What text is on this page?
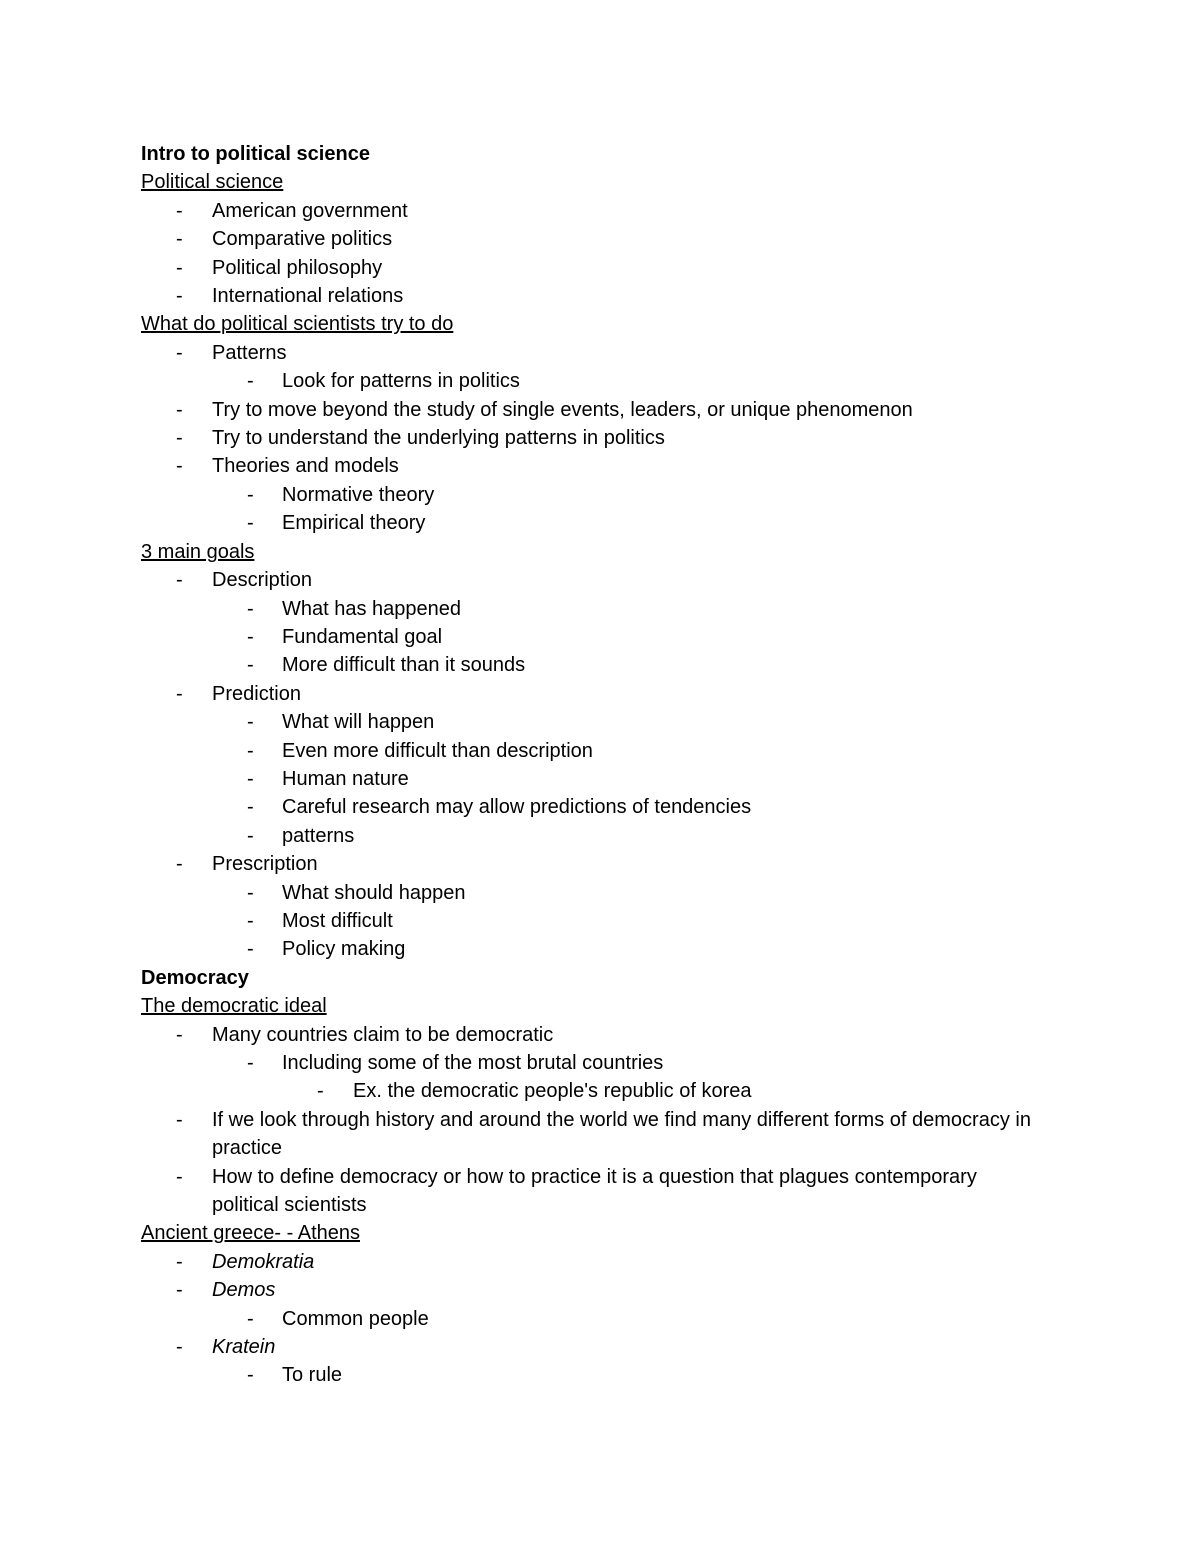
Intro to political science
Political science
- American government
- Comparative politics
- Political philosophy
- International relations
What do political scientists try to do
- Patterns
- Look for patterns in politics
- Try to move beyond the study of single events, leaders, or unique phenomenon
- Try to understand the underlying patterns in politics
- Theories and models
- Normative theory
- Empirical theory
3 main goals
- Description
- What has happened
- Fundamental goal
- More difficult than it sounds
- Prediction
- What will happen
- Even more difficult than description
- Human nature
- Careful research may allow predictions of tendencies
- patterns
- Prescription
- What should happen
- Most difficult
- Policy making
Democracy
The democratic ideal
- Many countries claim to be democratic
- Including some of the most brutal countries
- Ex. the democratic people's republic of korea
- If we look through history and around the world we find many different forms of democracy in practice
- How to define democracy or how to practice it is a question that plagues contemporary political scientists
Ancient greece- - Athens
- Demokratia
- Demos
- Common people
- Kratein
- To rule
